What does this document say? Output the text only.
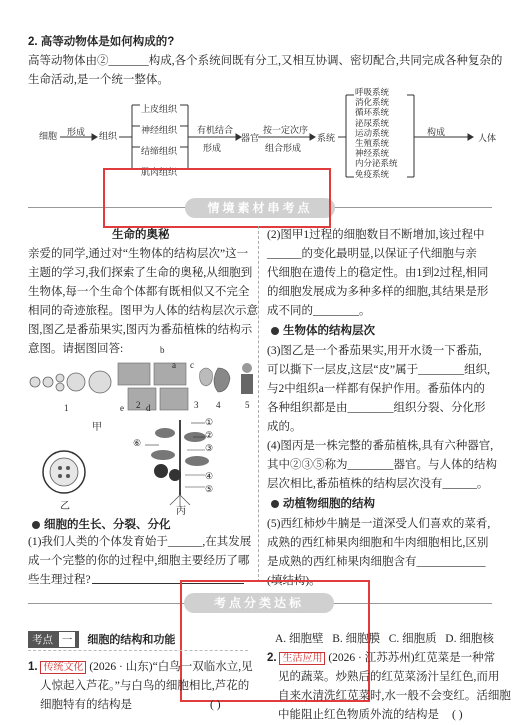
2. 高等动物体是如何构成的?
高等动物体由②_______构成,各个系统间既有分工,又相互协调、密切配合,共同完成各种复杂的
生命活动,是一个统一整体。
细胞 形成 组织
上皮组织
神经组织
结缔组织
肌肉组织
有机结合
形成
器官
按一定次序
组合形成
系统
呼吸系统
消化系统
循环系统
泌尿系统
运动系统
生殖系统
神经系统
内分泌系统
免疫系统
构成
人体
情境素材串考点
生命的奥秘
亲爱的同学,通过对“生物体的结构层次”这一
主题的学习,我们探索了生命的奥秘,从细胞到
生物体,每一个生命个体都有既相似又不完全
相同的奇迹旅程。图甲为人体的结构层次示意
图,图乙是番茄果实,图丙为番茄植株的结构示
意图。请据图回答:
a
b
c
d
e
1	2	3 4	5
甲
乙
①
②
③
④
⑤
⑥
丙
细胞的生长、分裂、分化
(1)我们人类的个体发育始于______,在其发展
成一个完整的你的过程中,细胞主要经历了哪
些生理过程?
(2)图甲1过程的细胞数目不断增加,该过程中
______的变化最明显,以保证子代细胞与亲
代细胞在遗传上的稳定性。由1到2过程,相同
的细胞发展成为多种多样的细胞,其结果是形
成不同的________。
生物体的结构层次
(3)图乙是一个番茄果实,用开水烫一下番茄,
可以撕下一层皮,这层“皮”属于________组织,
与2中组织a一样都有保护作用。番茄体内的
各种组织都是由________组织分裂、分化形
成的。
(4)图丙是一株完整的番茄植株,具有六种器官,
其中②③⑤称为________器官。与人体的结构
层次相比,番茄植株的结构层次没有______。
动植物细胞的结构
(5)西红柿炒牛腩是一道深受人们喜欢的菜肴,
成熟的西红柿果肉细胞和牛肉细胞相比,区别
是成熟的西红柿果肉细胞含有____________
(填结构)。
考点分类达标
考点 一 细胞的结构和功能
1. 传统文化 (2026 · 山东)“白鸟一双临水立,见
人惊起入芦花。”与白鸟的细胞相比,芦花的
细胞特有的结构是	( )
A. 细胞壁 B. 细胞膜 C. 细胞质 D. 细胞核
2. 生活应用 (2026 · 江苏苏州)红苋菜是一种常
见的蔬菜。炒熟后的红苋菜汤汁呈红色,而用
自来水清洗红苋菜时,水一般不会变红。活细胞
中能阻止红色物质外流的结构是 ( )
